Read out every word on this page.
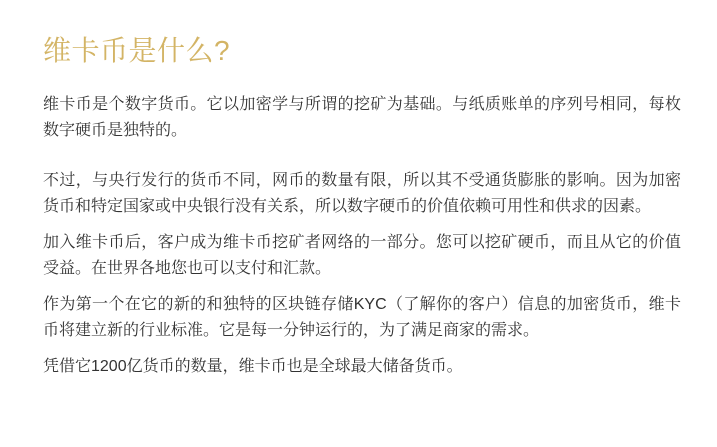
维卡币是什么?

维卡币是个数字货币。它以加密学与所谓的挖矿为基础。与纸质账单的序列号相同，每枚数字硬币是独特的。

不过，与央行发行的货币不同，网币的数量有限，所以其不受通货膨胀的影响。因为加密货币和特定国家或中央银行没有关系，所以数字硬币的价值依赖可用性和供求的因素。

加入维卡币后，客户成为维卡币挖矿者网络的一部分。您可以挖矿硬币，而且从它的价值受益。在世界各地您也可以支付和汇款。

作为第一个在它的新的和独特的区块链存储KYC（了解你的客户）信息的加密货币，维卡币将建立新的行业标准。它是每一分钟运行的，为了满足商家的需求。

凭借它1200亿货币的数量，维卡币也是全球最大储备货币。
